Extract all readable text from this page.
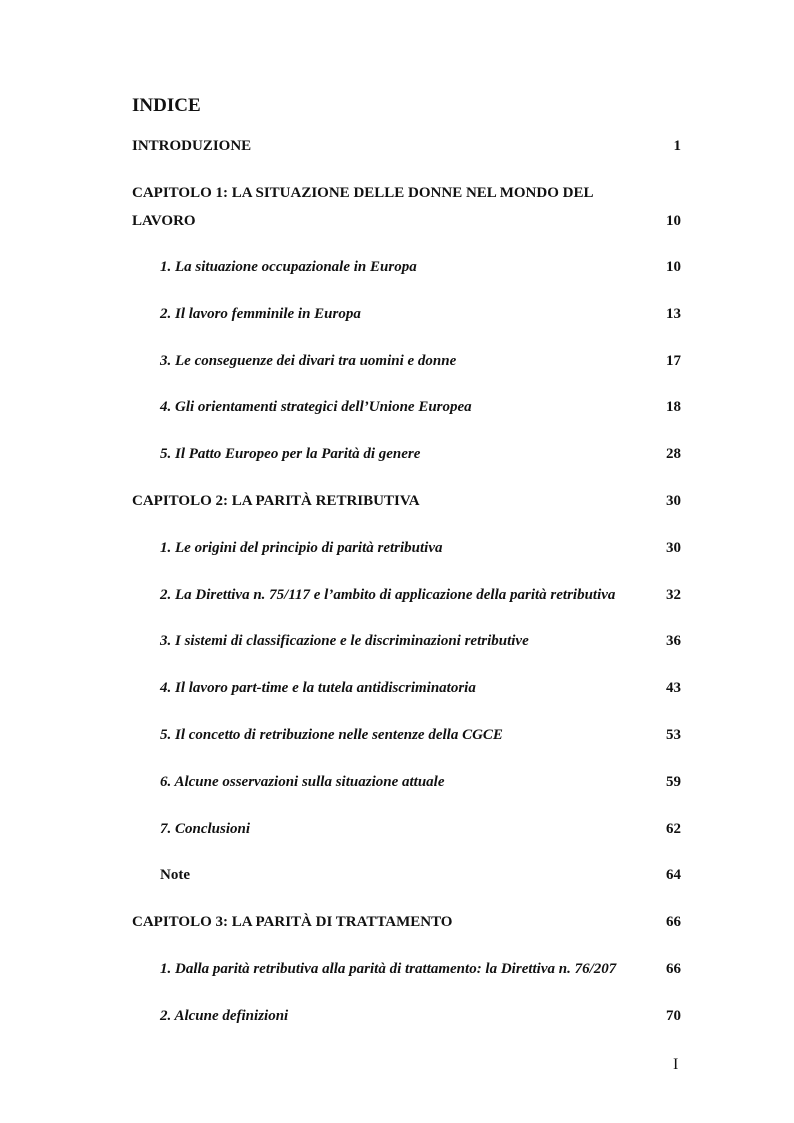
INDICE
INTRODUZIONE	1
CAPITOLO 1: LA SITUAZIONE DELLE DONNE NEL MONDO DEL LAVORO	10
1. La situazione occupazionale in Europa	10
2. Il lavoro femminile in Europa	13
3. Le conseguenze dei divari tra uomini e donne	17
4. Gli orientamenti strategici dell’Unione Europea	18
5. Il Patto Europeo per la Parità di genere	28
CAPITOLO 2: LA PARITÀ RETRIBUTIVA	30
1. Le origini del principio di parità retributiva	30
2. La Direttiva n. 75/117 e l’ambito di applicazione della parità retributiva	32
3. I sistemi di classificazione e le discriminazioni retributive	36
4. Il lavoro part-time e la tutela antidiscriminatoria	43
5. Il concetto di retribuzione nelle sentenze della CGCE	53
6. Alcune osservazioni sulla situazione attuale	59
7. Conclusioni	62
Note	64
CAPITOLO 3: LA PARITÀ DI TRATTAMENTO	66
1. Dalla parità retributiva alla parità di trattamento: la Direttiva n. 76/207	66
2. Alcune definizioni	70
I
